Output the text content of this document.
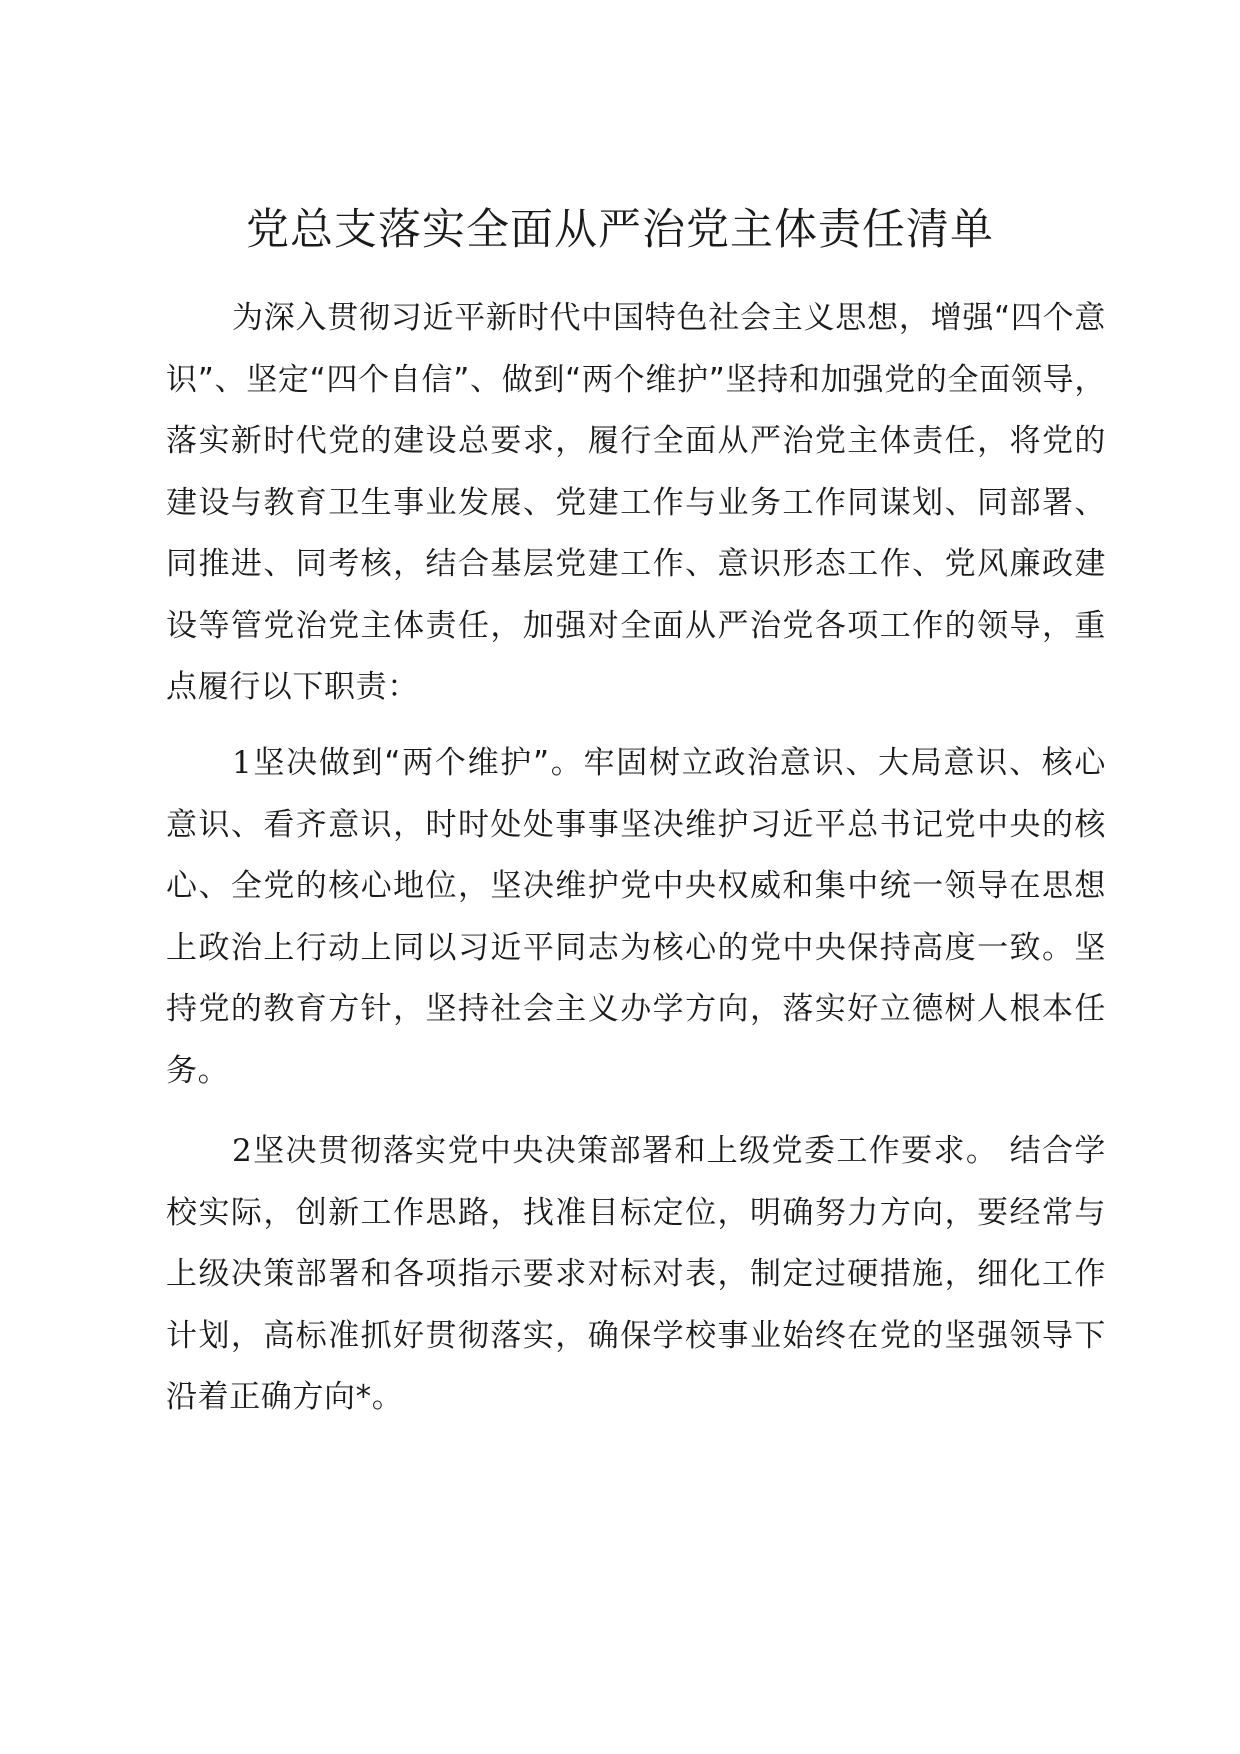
党总支落实全面从严治党主体责任清单

为深入贯彻习近平新时代中国特色社会主义思想，增强“四个意识”、坚定“四个自信”、做到“两个维护”坚持和加强党的全面领导，落实新时代党的建设总要求，履行全面从严治党主体责任，将党的建设与教育卫生事业发展、党建工作与业务工作同谋划、同部署、同推进、同考核，结合基层党建工作、意识形态工作、党风廉政建设等管党治党主体责任，加强对全面从严治党各项工作的领导，重点履行以下职责：

1坚决做到“两个维护”。牢固树立政治意识、大局意识、核心意识、看齐意识，时时处处事事坚决维护习近平总书记党中央的核心、全党的核心地位，坚决维护党中央权威和集中统一领导在思想上政治上行动上同以习近平同志为核心的党中央保持高度一致。坚持党的教育方针，坚持社会主义办学方向，落实好立德树人根本任务。

2坚决贯彻落实党中央决策部署和上级党委工作要求。 结合学校实际，创新工作思路，找准目标定位，明确努力方向，要经常与上级决策部署和各项指示要求对标对表，制定过硬措施，细化工作计划，高标准抓好贯彻落实，确保学校事业始终在党的坚强领导下沿着正确方向*。
